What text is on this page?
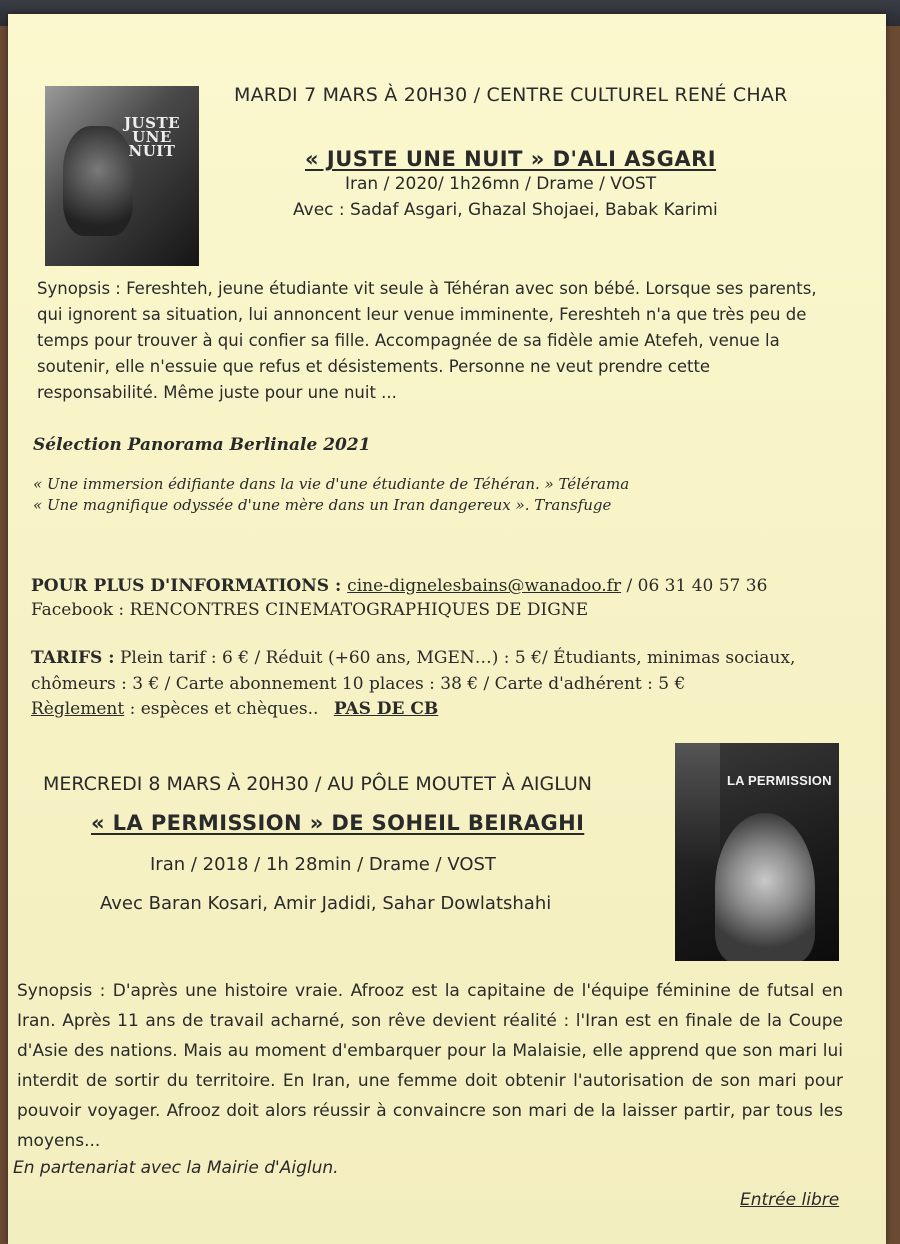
JUSTE UNE NUIT
MARDI 7 MARS À 20H30 / CENTRE CULTUREL RENÉ CHAR
« JUSTE UNE NUIT » D'ALI ASGARI
Iran / 2020/ 1h26mn / Drame / VOST
Avec : Sadaf Asgari, Ghazal Shojaei, Babak Karimi
Synopsis : Fereshteh, jeune étudiante vit seule à Téhéran avec son bébé. Lorsque ses parents, qui ignorent sa situation, lui annoncent leur venue imminente, Fereshteh n'a que très peu de temps pour trouver à qui confier sa fille. Accompagnée de sa fidèle amie Atefeh, venue la soutenir, elle n'essuie que refus et désistements. Personne ne veut prendre cette responsabilité. Même juste pour une nuit ...
Sélection Panorama Berlinale 2021
« Une immersion édifiante dans la vie d'une étudiante de Téhéran. » Télérama
« Une magnifique odyssée d'une mère dans un Iran dangereux ». Transfuge
POUR PLUS D'INFORMATIONS : cine-dignelesbains@wanadoo.fr / 06 31 40 57 36
Facebook : RENCONTRES CINEMATOGRAPHIQUES DE DIGNE
TARIFS : Plein tarif : 6 € / Réduit (+60 ans, MGEN…) : 5 €/ Étudiants, minimas sociaux,
chômeurs : 3 € / Carte abonnement 10 places : 38 € / Carte d'adhérent : 5 €
Règlement : espèces et chèques.. PAS DE CB
LA PERMISSION
MERCREDI 8 MARS À 20H30 / AU PÔLE MOUTET À AIGLUN
« LA PERMISSION » DE SOHEIL BEIRAGHI
Iran / 2018 / 1h 28min / Drame / VOST
Avec Baran Kosari, Amir Jadidi, Sahar Dowlatshahi
Synopsis : D'après une histoire vraie. Afrooz est la capitaine de l'équipe féminine de futsal en Iran. Après 11 ans de travail acharné, son rêve devient réalité : l'Iran est en finale de la Coupe d'Asie des nations. Mais au moment d'embarquer pour la Malaisie, elle apprend que son mari lui interdit de sortir du territoire. En Iran, une femme doit obtenir l'autorisation de son mari pour pouvoir voyager. Afrooz doit alors réussir à convaincre son mari de la laisser partir, par tous les moyens...
En partenariat avec la Mairie d'Aiglun.
Entrée libre
